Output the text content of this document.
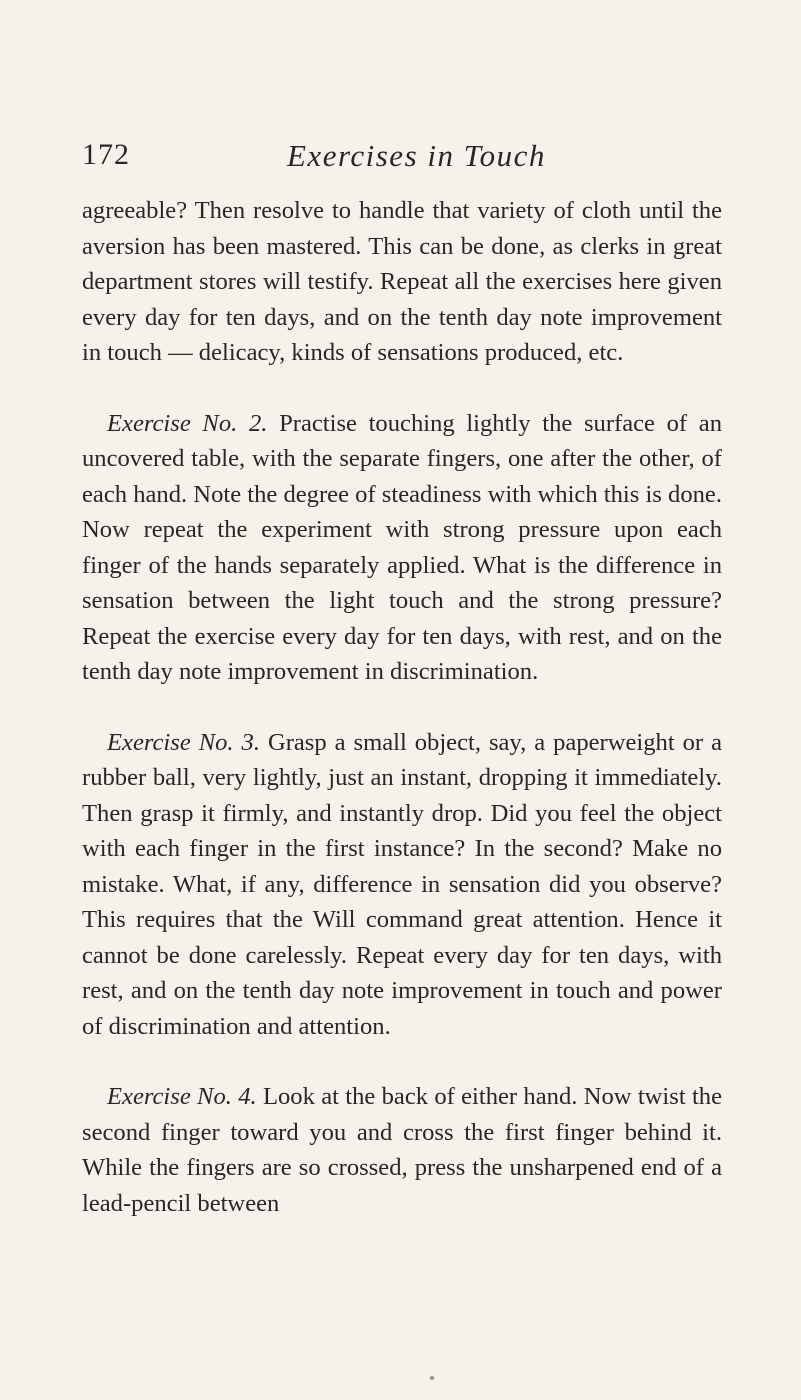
172	Exercises in Touch

agreeable? Then resolve to handle that variety of cloth until the aversion has been mastered. This can be done, as clerks in great department stores will testify. Repeat all the exercises here given every day for ten days, and on the tenth day note improvement in touch — delicacy, kinds of sensations produced, etc.

Exercise No. 2. Practise touching lightly the surface of an uncovered table, with the separate fingers, one after the other, of each hand. Note the degree of steadiness with which this is done. Now repeat the experiment with strong pressure upon each finger of the hands separately applied. What is the difference in sensation between the light touch and the strong pressure? Repeat the exercise every day for ten days, with rest, and on the tenth day note improvement in discrimination.

Exercise No. 3. Grasp a small object, say, a paperweight or a rubber ball, very lightly, just an instant, dropping it immediately. Then grasp it firmly, and instantly drop. Did you feel the object with each finger in the first instance? In the second? Make no mistake. What, if any, difference in sensation did you observe? This requires that the Will command great attention. Hence it cannot be done carelessly. Repeat every day for ten days, with rest, and on the tenth day note improvement in touch and power of discrimination and attention.

Exercise No. 4. Look at the back of either hand. Now twist the second finger toward you and cross the first finger behind it. While the fingers are so crossed, press the unsharpened end of a lead-pencil between
